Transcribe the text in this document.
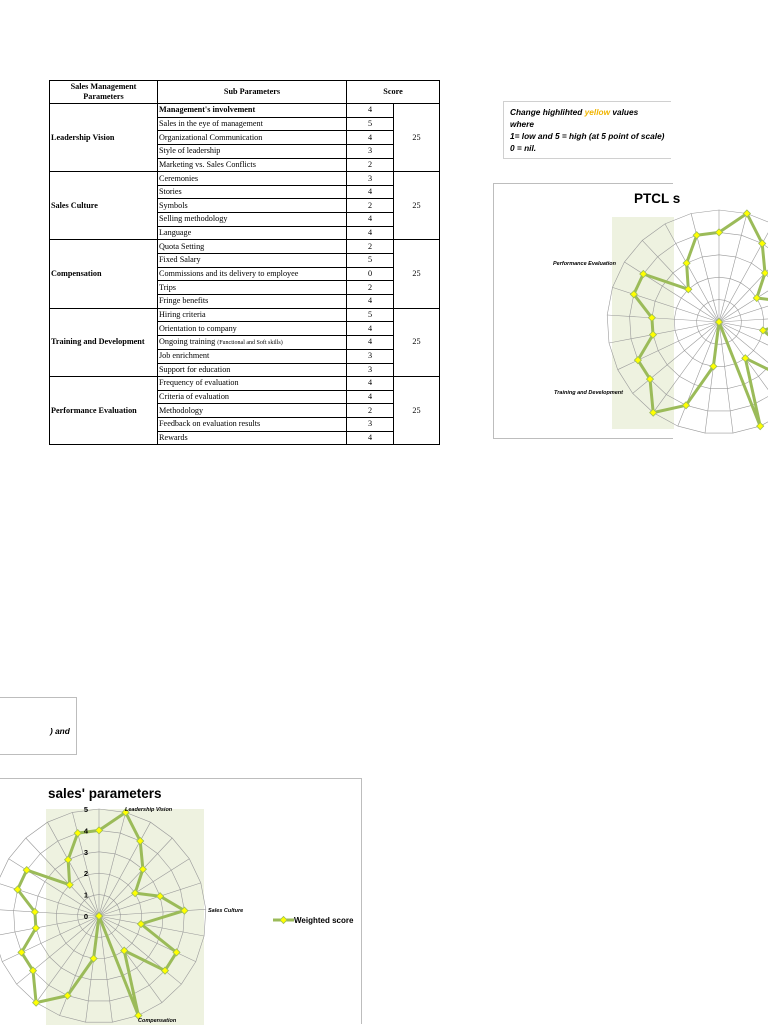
Sales Management Parameters	Sub Parameters	Score	
Leadership Vision	Management's involvement	4	25
	Sales in the eye of management	5	
	Organizational Communication	4	
	Style of leadership	3	
	Marketing vs. Sales Conflicts	2	
Sales Culture	Ceremonies	3	25
	Stories	4	
	Symbols	2	
	Selling methodology	4	
	Language	4	
Compensation	Quota Setting	2	25
	Fixed Salary	5	
	Commissions and its delivery to employee	0	
	Trips	2	
	Fringe benefits	4	
Training and Development	Hiring criteria	5	25
	Orientation to company	4	
	Ongoing training (Functional and Soft skills)	4	
	Job enrichment	3	
	Support for education	3	
Performance Evaluation	Frequency of evaluation	4	25
	Criteria of evaluation	4	
	Methodology	2	
	Feedback on evaluation results	3	
	Rewards	4	
Change highlihted yellow values
where
1= low and 5 = high (at 5 point of scale)
0 = nil.
) and
PTCL s
Performance Evaluation
Training and Development
sales' parameters
0
1
2
3
4
5	Leadership Vision
Sales Culture
Compensation
Weighted score
